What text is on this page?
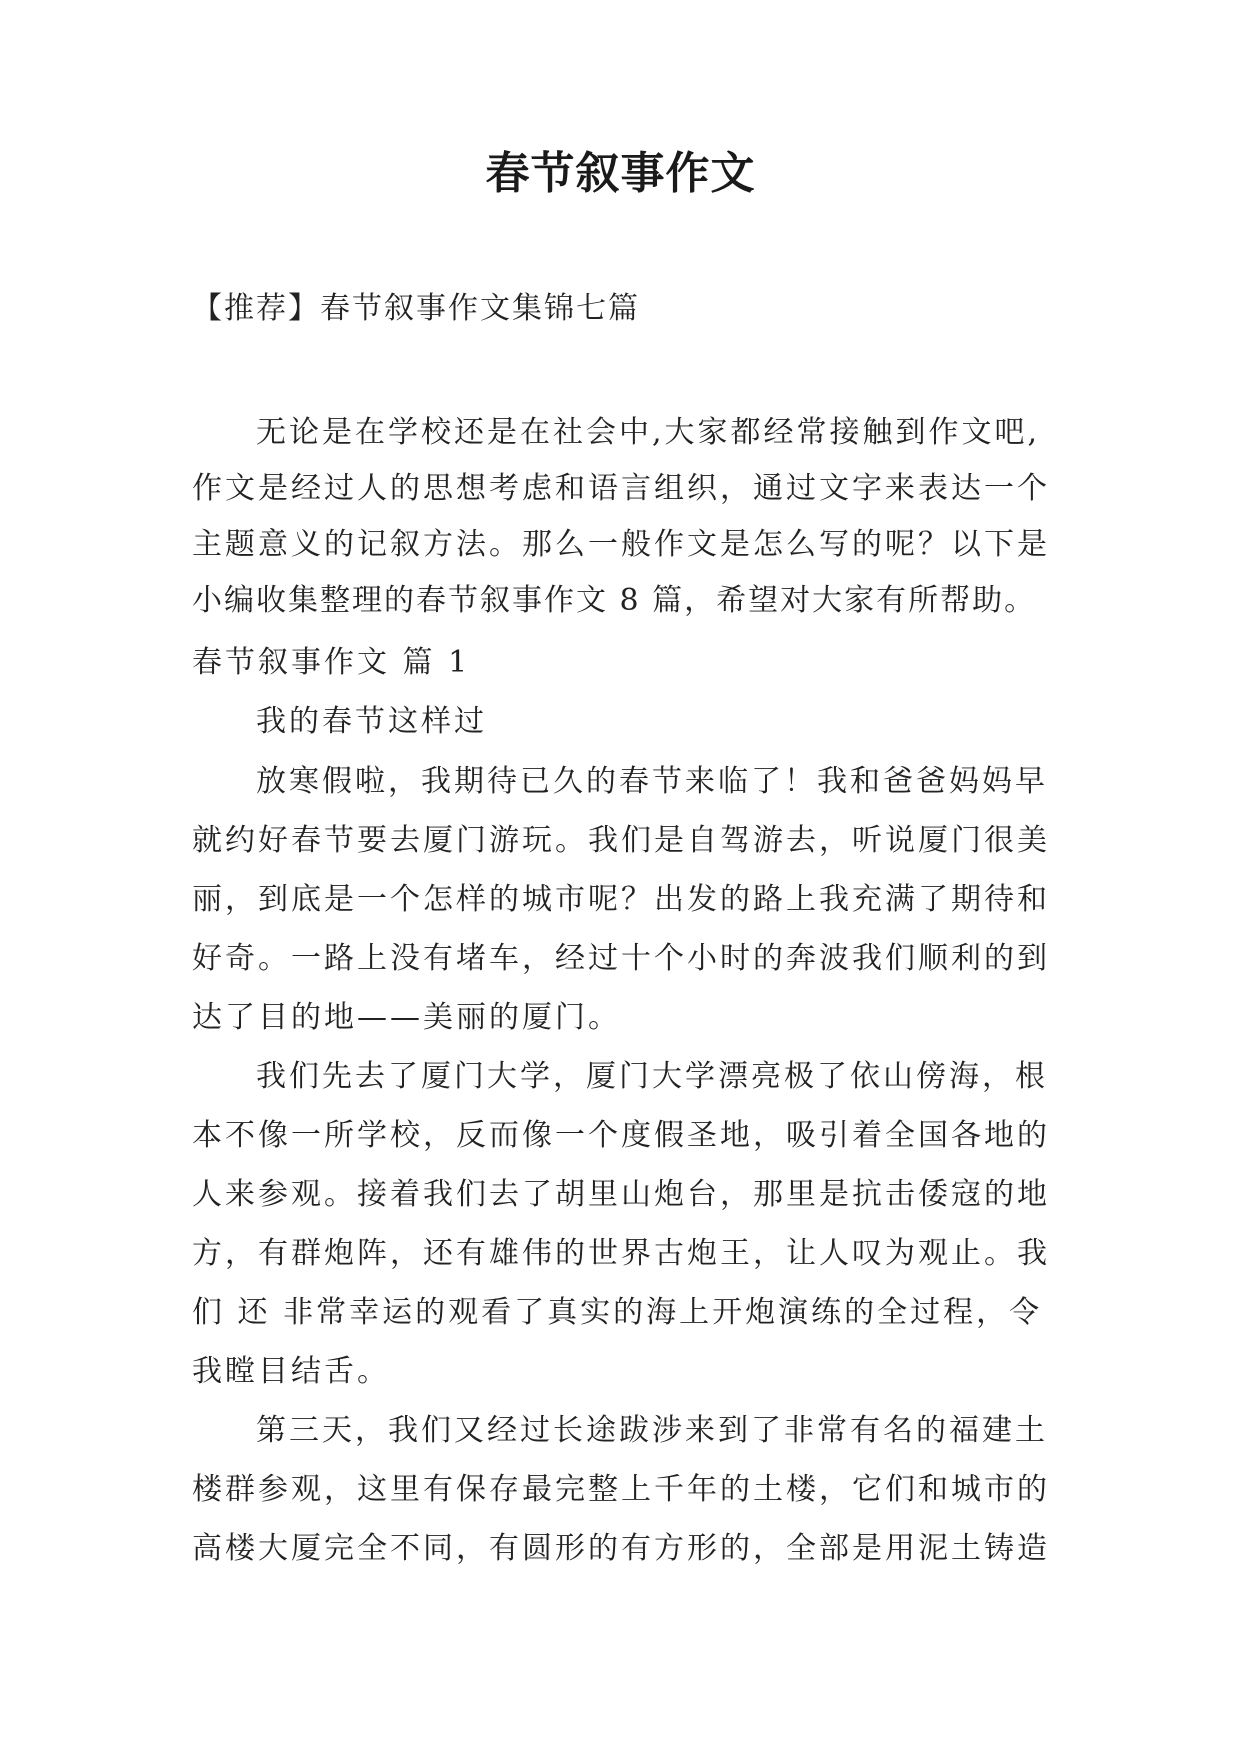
春节叙事作文
【推荐】春节叙事作文集锦七篇
无论是在学校还是在社会中,大家都经常接触到作文吧,
作文是经过人的思想考虑和语言组织，通过文字来表达一个
主题意义的记叙方法。那么一般作文是怎么写的呢？以下是
小编收集整理的春节叙事作文 8 篇，希望对大家有所帮助。
春节叙事作文 篇 1
我的春节这样过
放寒假啦，我期待已久的春节来临了！我和爸爸妈妈早
就约好春节要去厦门游玩。我们是自驾游去，听说厦门很美
丽，到底是一个怎样的城市呢？出发的路上我充满了期待和
好奇。一路上没有堵车，经过十个小时的奔波我们顺利的到
达了目的地——美丽的厦门。
我们先去了厦门大学，厦门大学漂亮极了依山傍海，根
本不像一所学校，反而像一个度假圣地，吸引着全国各地的
人来参观。接着我们去了胡里山炮台，那里是抗击倭寇的地
方，有群炮阵，还有雄伟的世界古炮王，让人叹为观止。我
们 还 非常幸运的观看了真实的海上开炮演练的全过程，令
我瞠目结舌。
第三天，我们又经过长途跋涉来到了非常有名的福建土
楼群参观，这里有保存最完整上千年的土楼，它们和城市的
高楼大厦完全不同，有圆形的有方形的，全部是用泥土铸造
